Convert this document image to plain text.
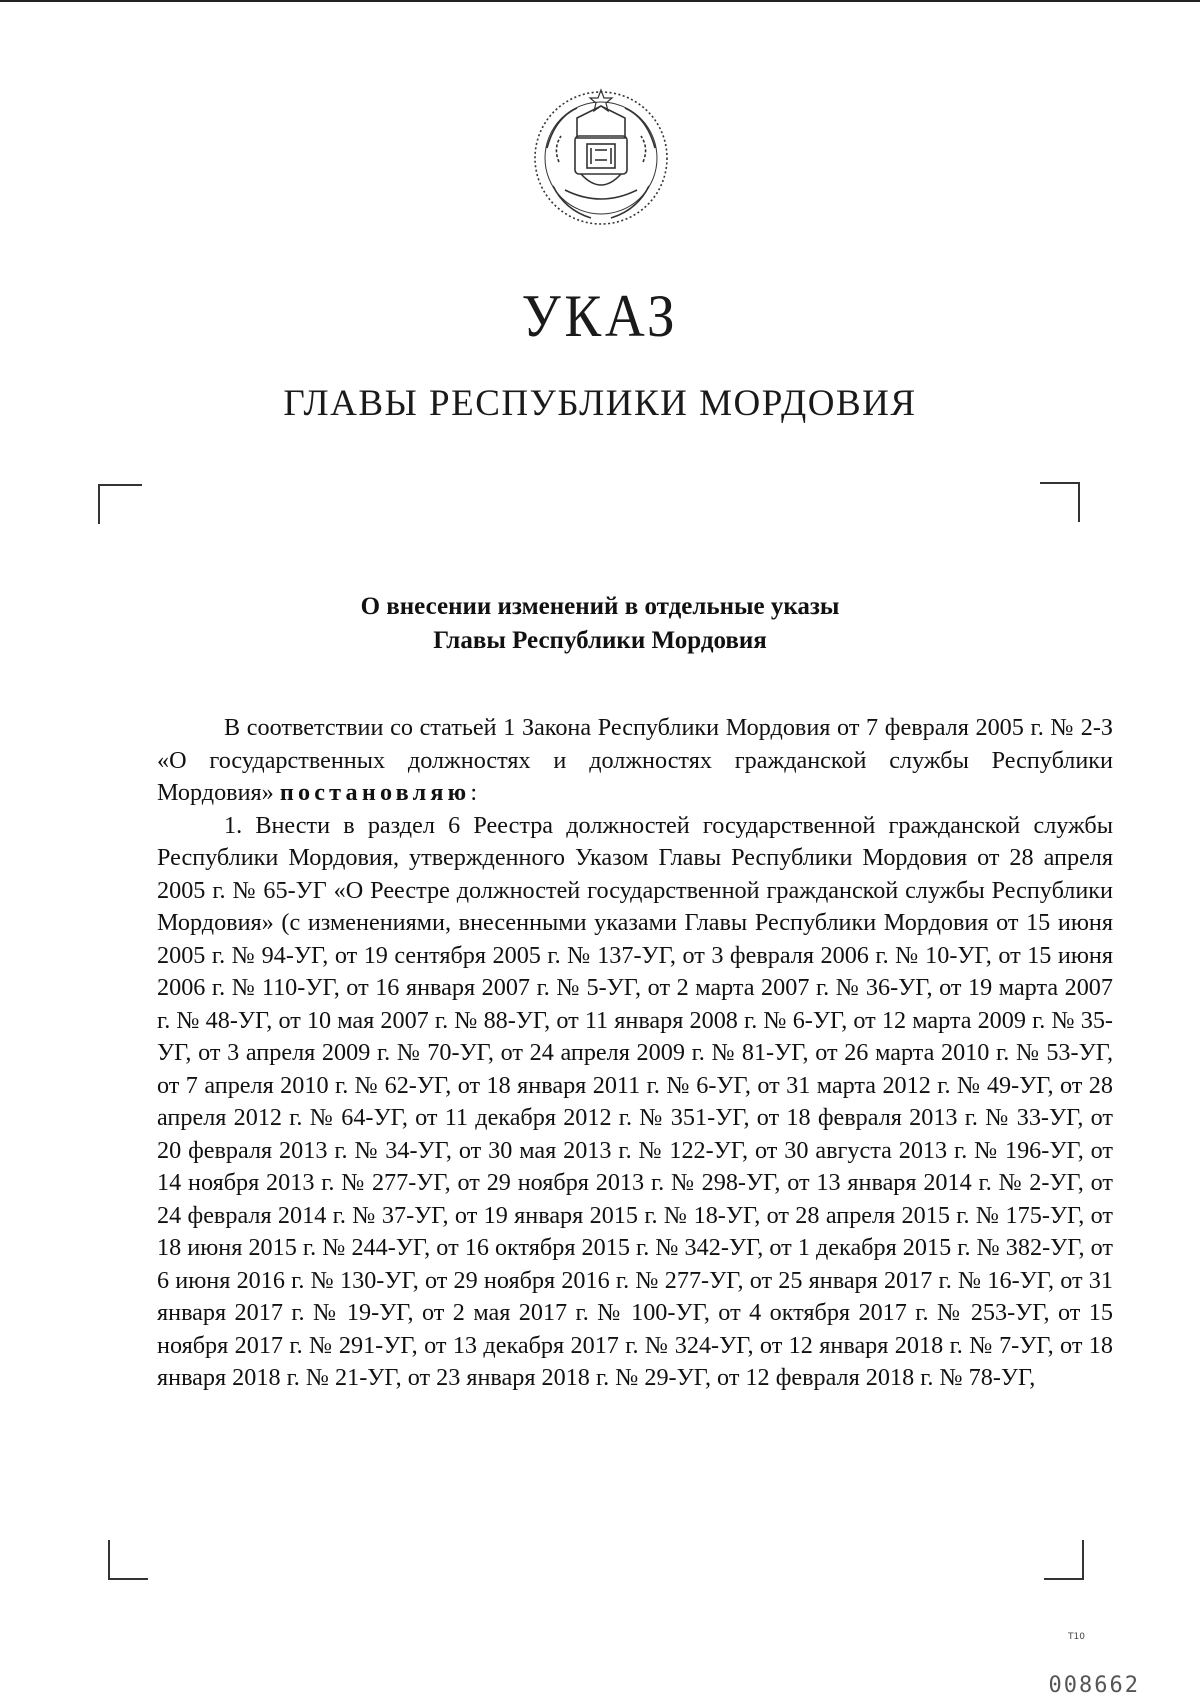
УКАЗ
ГЛАВЫ РЕСПУБЛИКИ МОРДОВИЯ
О внесении изменений в отдельные указы
Главы Республики Мордовия

В соответствии со статьей 1 Закона Республики Мордовия от 7 февраля 2005 г. № 2-З «О государственных должностях и должностях гражданской службы Республики Мордовия» постановляю:

1. Внести в раздел 6 Реестра должностей государственной гражданской службы Республики Мордовия, утвержденного Указом Главы Республики Мордовия от 28 апреля 2005 г. № 65-УГ «О Реестре должностей государственной гражданской службы Республики Мордовия» (с изменениями, внесенными указами Главы Республики Мордовия от 15 июня 2005 г. № 94-УГ, от 19 сентября 2005 г. № 137-УГ, от 3 февраля 2006 г. № 10-УГ, от 15 июня 2006 г. № 110-УГ, от 16 января 2007 г. № 5-УГ, от 2 марта 2007 г. № 36-УГ, от 19 марта 2007 г. № 48-УГ, от 10 мая 2007 г. № 88-УГ, от 11 января 2008 г. № 6-УГ, от 12 марта 2009 г. № 35-УГ, от 3 апреля 2009 г. № 70-УГ, от 24 апреля 2009 г. № 81-УГ, от 26 марта 2010 г. № 53-УГ, от 7 апреля 2010 г. № 62-УГ, от 18 января 2011 г. № 6-УГ, от 31 марта 2012 г. № 49-УГ, от 28 апреля 2012 г. № 64-УГ, от 11 декабря 2012 г. № 351-УГ, от 18 февраля 2013 г. № 33-УГ, от 20 февраля 2013 г. № 34-УГ, от 30 мая 2013 г. № 122-УГ, от 30 августа 2013 г. № 196-УГ, от 14 ноября 2013 г. № 277-УГ, от 29 ноября 2013 г. № 298-УГ, от 13 января 2014 г. № 2-УГ, от 24 февраля 2014 г. № 37-УГ, от 19 января 2015 г. № 18-УГ, от 28 апреля 2015 г. № 175-УГ, от 18 июня 2015 г. № 244-УГ, от 16 октября 2015 г. № 342-УГ, от 1 декабря 2015 г. № 382-УГ, от 6 июня 2016 г. № 130-УГ, от 29 ноября 2016 г. № 277-УГ, от 25 января 2017 г. № 16-УГ, от 31 января 2017 г. № 19-УГ, от 2 мая 2017 г. № 100-УГ, от 4 октября 2017 г. № 253-УГ, от 15 ноября 2017 г. № 291-УГ, от 13 декабря 2017 г. № 324-УГ, от 12 января 2018 г. № 7-УГ, от 18 января 2018 г. № 21-УГ, от 23 января 2018 г. № 29-УГ, от 12 февраля 2018 г. № 78-УГ,

T10
008662
